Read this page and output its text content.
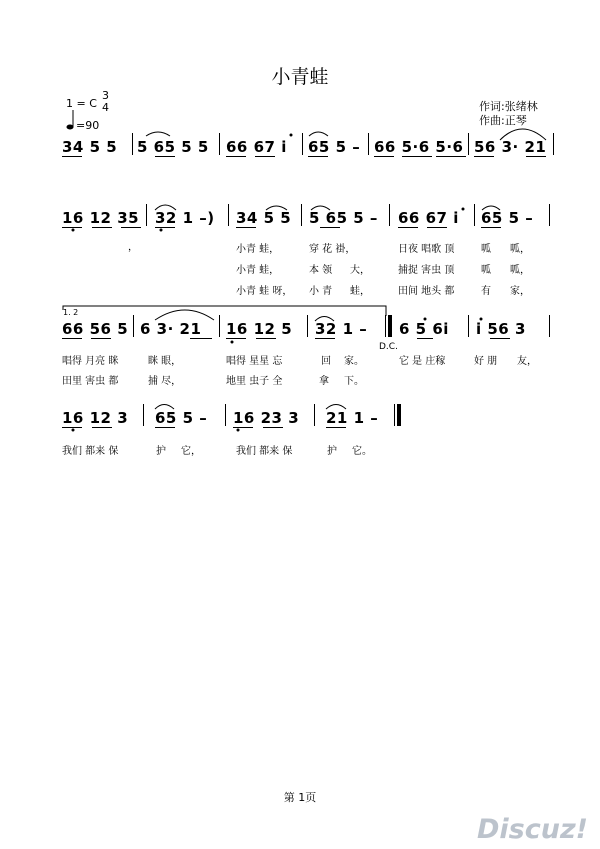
小青蛙
1 = C
3
4
=90
作词:张绪林
作曲:正琴
34 5 5 5 65 5 5 66 67 i 65 5 – 66 5·6 5·6 56 3· 21
16 12 35 32 1 –) 34 5 5 5 65 5 – 66 67 i 65 5 –
，	小青 蛙，	穿 花 褂，	日夜 唱歌 顶	呱 呱，
小青 蛙，	本 领 大，	捕捉 害虫 顶	呱 呱，
小青 蛙 呀， 小 青 蛙，	田间 地头 都	有 家，
1. 2
66 56 5 6 3· 21 16 12 5 32 1 –
D.C.
6 5 6i i 56 3
唱得 月亮 眯	眯 眼，	唱得 星星 忘	回 家。	它 是 庄稼	好 朋 友，
田里 害虫 都	捕 尽，	地里 虫子 全	拿 下。
16 12 3 65 5 – 16 23 3 21 1 –
我们 都来 保	护 它，	我们 都来 保	护 它。
第 1页
Discuz!
